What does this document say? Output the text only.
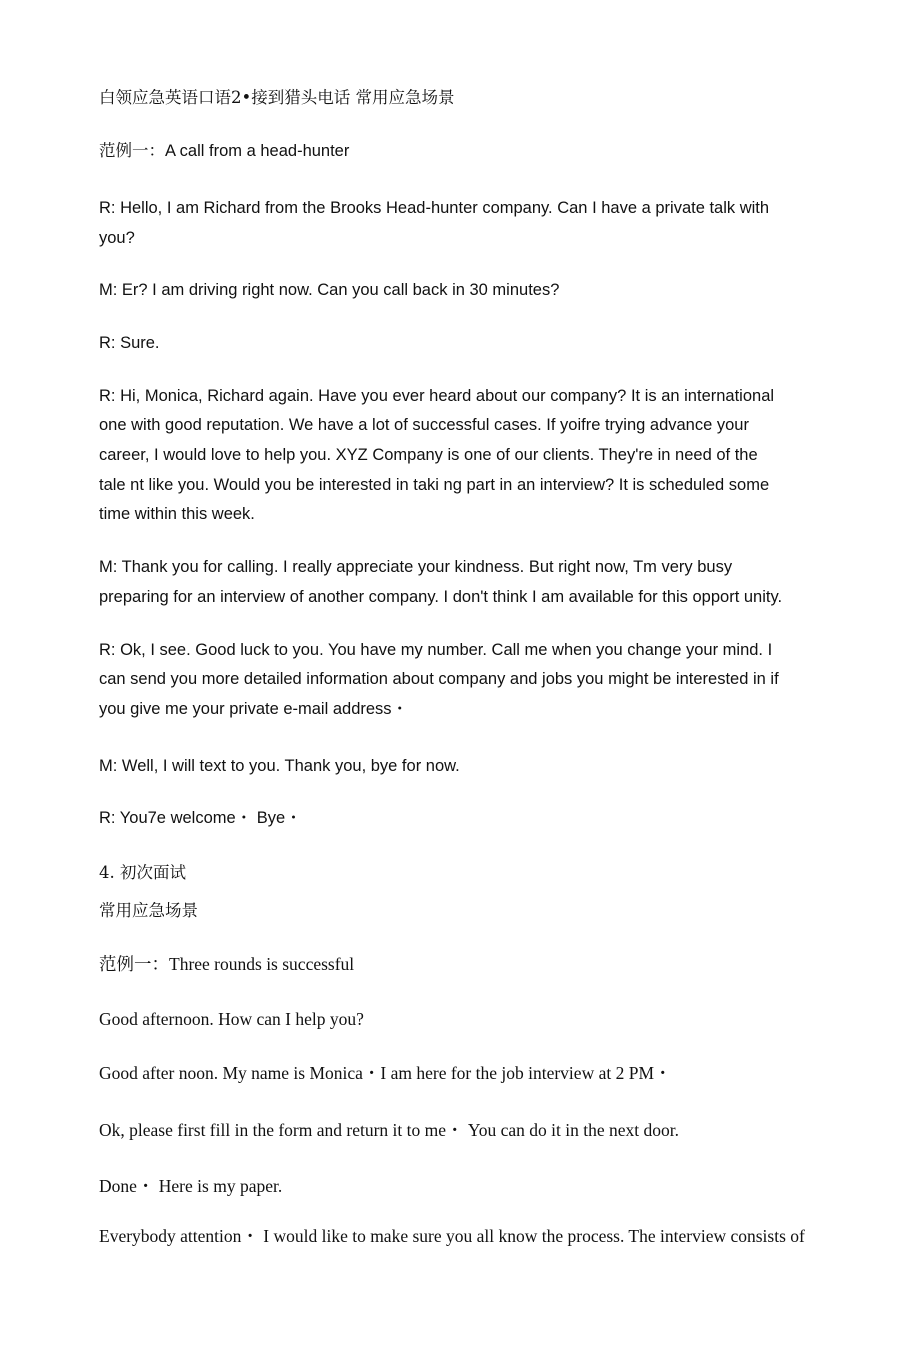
白领应急英语口语2•接到猎头电话 常用应急场景
范例一：A call from a head-hunter
R: Hello, I am Richard from the Brooks Head-hunter company. Can I have a private talk with
you?
M: Er? I am driving right now. Can you call back in 30 minutes?
R: Sure.
R: Hi, Monica, Richard again. Have you ever heard about our company? It is an international
one with good reputation. We have a lot of successful cases. If yoifre trying advance your
career, I would love to help you. XYZ Company is one of our clients. They're in need of the
tale nt like you. Would you be interested in taki ng part in an interview? It is scheduled some
time within this week.
M: Thank you for calling. I really appreciate your kindness. But right now, Tm very busy
preparing for an interview of another company. I don't think I am available for this opport unity.
R: Ok, I see. Good luck to you. You have my number. Call me when you change your mind. I
can send you more detailed information about company and jobs you might be interested in if
you give me your private e-mail address・
M: Well, I will text to you. Thank you, bye for now.
R: You7e welcome・ Bye・
4. 初次面试
常用应急场景
范例一：Three rounds is successful
Good afternoon. How can I help you?
Good after noon. My name is Monica・I am here for the job interview at 2 PM・
Ok, please first fill in the form and return it to me・ You can do it in the next door.
Done・ Here is my paper.
Everybody attention・ I would like to make sure you all know the process. The interview consists of
